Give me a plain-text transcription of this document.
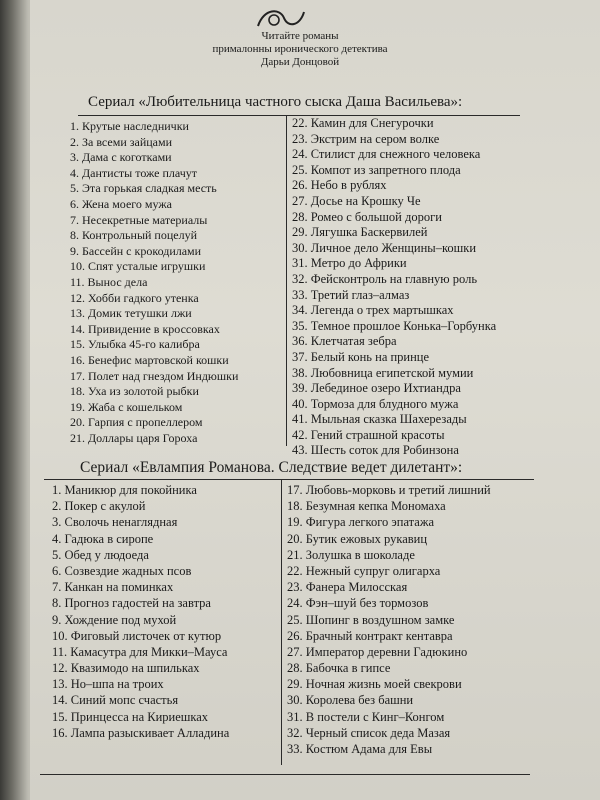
Читайте романы
прималонны иронического детектива
Дарьи Донцовой
Сериал «Любительница частного сыска Даша Васильева»:
1. Крутые наследнички
2. За всеми зайцами
3. Дама с коготками
4. Дантисты тоже плачут
5. Эта горькая сладкая месть
6. Жена моего мужа
7. Несекретные материалы
8. Контрольный поцелуй
9. Бассейн с крокодилами
10. Спят усталые игрушки
11. Вынос дела
12. Хобби гадкого утенка
13. Домик тетушки лжи
14. Привидение в кроссовках
15. Улыбка 45-го калибра
16. Бенефис мартовской кошки
17. Полет над гнездом Индюшки
18. Уха из золотой рыбки
19. Жаба с кошельком
20. Гарпия с пропеллером
21. Доллары царя Гороха
22. Камин для Снегурочки
23. Экстрим на сером волке
24. Стилист для снежного человека
25. Компот из запретного плода
26. Небо в рублях
27. Досье на Крошку Че
28. Ромео с большой дороги
29. Лягушка Баскервилей
30. Личное дело Женщины–кошки
31. Метро до Африки
32. Фейсконтроль на главную роль
33. Третий глаз–алмаз
34. Легенда о трех мартышках
35. Темное прошлое Конька–Горбунка
36. Клетчатая зебра
37. Белый конь на принце
38. Любовница египетской мумии
39. Лебединое озеро Ихтиандра
40. Тормоза для блудного мужа
41. Мыльная сказка Шахерезады
42. Гений страшной красоты
43. Шесть соток для Робинзона
Сериал «Евлампия Романова. Следствие ведет дилетант»:
1. Маникюр для покойника
2. Покер с акулой
3. Сволочь ненаглядная
4. Гадюка в сиропе
5. Обед у людоеда
6. Созвездие жадных псов
7. Канкан на поминках
8. Прогноз гадостей на завтра
9. Хождение под мухой
10. Фиговый листочек от кутюр
11. Камасутра для Микки–Мауса
12. Квазимодо на шпильках
13. Но–шпа на троих
14. Синий мопс счастья
15. Принцесса на Кириешках
16. Лампа разыскивает Алладина
17. Любовь-морковь и третий лишний
18. Безумная кепка Мономаха
19. Фигура легкого эпатажа
20. Бутик ежовых рукавиц
21. Золушка в шоколаде
22. Нежный супруг олигарха
23. Фанера Милосская
24. Фэн–шуй без тормозов
25. Шопинг в воздушном замке
26. Брачный контракт кентавра
27. Император деревни Гадюкино
28. Бабочка в гипсе
29. Ночная жизнь моей свекрови
30. Королева без башни
31. В постели с Кинг–Конгом
32. Черный список деда Мазая
33. Костюм Адама для Евы
